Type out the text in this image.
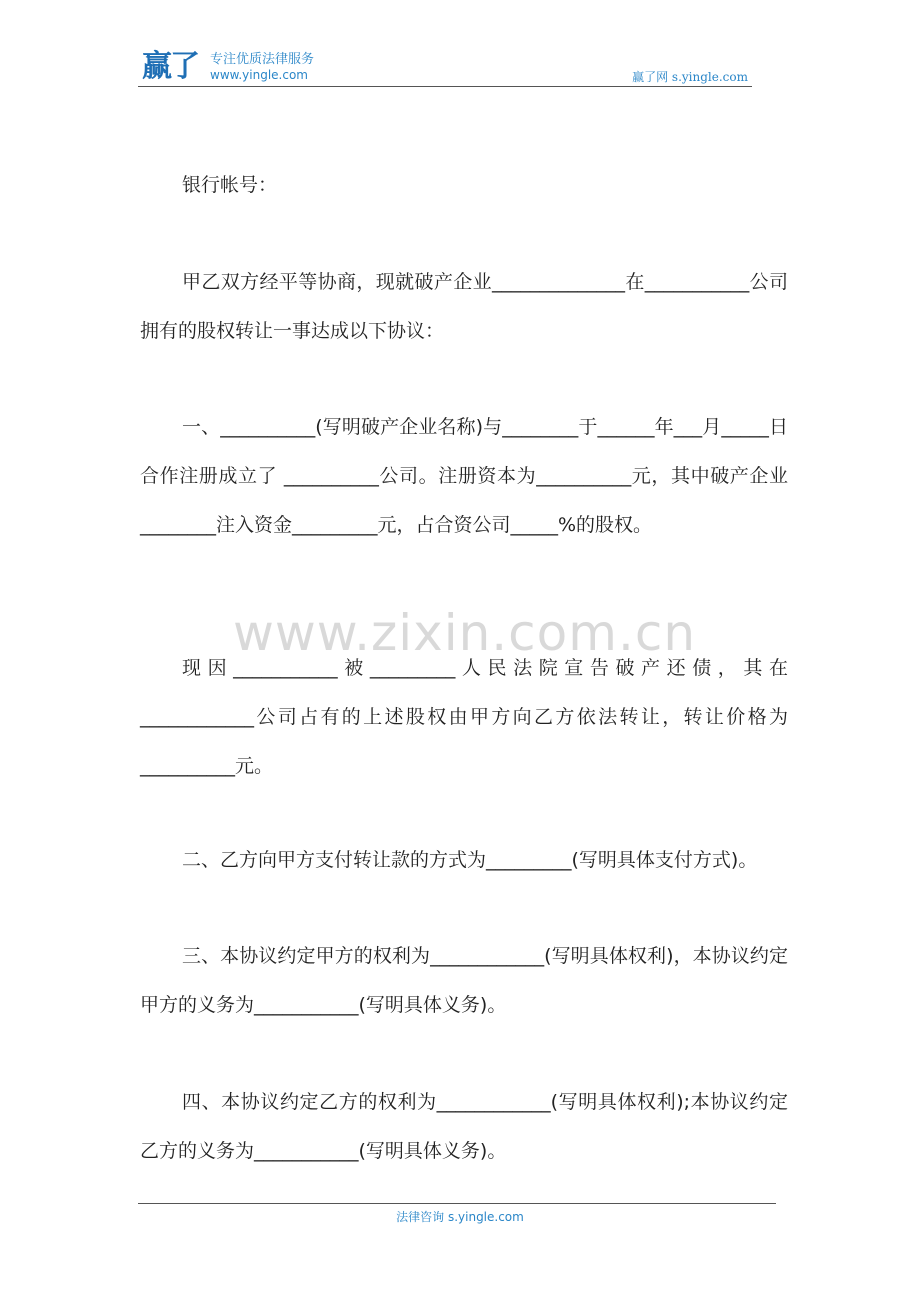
赢了 专注优质法律服务
www.yingle.com	赢了网 s.yingle.com
银行帐号：
甲乙双方经平等协商，现就破产企业______________在___________公司拥有的股权转让一事达成以下协议：
一、__________(写明破产企业名称)与________于______年___月_____日合作注册成立了 __________公司。注册资本为__________元，其中破产企业________注入资金_________元，占合资公司_____%的股权。
www.zixin.com.cn
现因___________被_________人民法院宣告破产还债，其在____________公司占有的上述股权由甲方向乙方依法转让，转让价格为__________元。
二、乙方向甲方支付转让款的方式为_________(写明具体支付方式)。
三、本协议约定甲方的权利为____________(写明具体权利)，本协议约定甲方的义务为___________(写明具体义务)。
四、本协议约定乙方的权利为____________(写明具体权利);本协议约定乙方的义务为___________(写明具体义务)。
法律咨询 s.yingle.com
